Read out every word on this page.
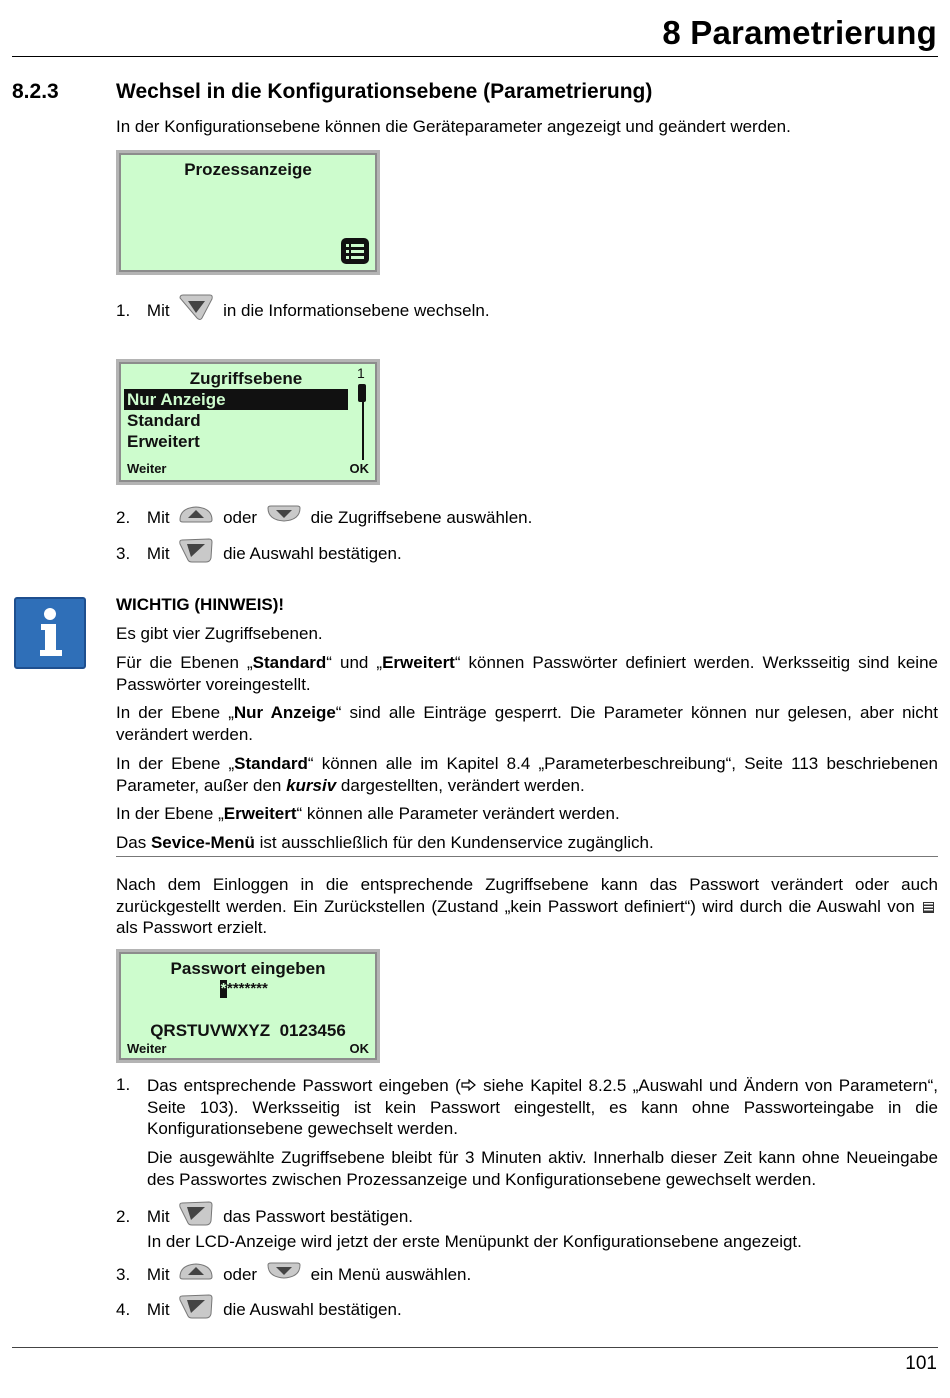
8 Parametrierung
8.2.3	Wechsel in die Konfigurationsebene (Parametrierung)
In der Konfigurationsebene können die Geräteparameter angezeigt und geändert werden.
Prozessanzeige
1. Mit	in die Informationsebene wechseln.
Zugriffsebene	1
Nur Anzeige
Standard
Erweitert
Weiter	OK
2. Mit	oder	die Zugriffsebene auswählen.
3. Mit	die Auswahl bestätigen.
WICHTIG (HINWEIS)!
Es gibt vier Zugriffsebenen.
Für die Ebenen „Standard“ und „Erweitert“ können Passwörter definiert werden. Werksseitig sind keine Passwörter voreingestellt.
In der Ebene „Nur Anzeige“ sind alle Einträge gesperrt. Die Parameter können nur gelesen, aber nicht verändert werden.
In der Ebene „Standard“ können alle im Kapitel 8.4 „Parameterbeschreibung“, Seite 113 beschriebenen Parameter, außer den kursiv dargestellten, verändert werden.
In der Ebene „Erweitert“ können alle Parameter verändert werden.
Das Sevice-Menü ist ausschließlich für den Kundenservice zugänglich.
Nach dem Einloggen in die entsprechende Zugriffsebene kann das Passwort verändert oder auch zurückgestellt werden. Ein Zurückstellen (Zustand „kein Passwort definiert“) wird durch die Auswahl von als Passwort erzielt.
Passwort eingeben
********
QRSTUVWXYZ  0123456
Weiter	OK
1. Das entsprechende Passwort eingeben ( siehe Kapitel 8.2.5 „Auswahl und Ändern von Parametern“, Seite 103). Werksseitig ist kein Passwort eingestellt, es kann ohne Passworteingabe in die Konfigurationsebene gewechselt werden.
Die ausgewählte Zugriffsebene bleibt für 3 Minuten aktiv. Innerhalb dieser Zeit kann ohne Neueingabe des Passwortes zwischen Prozessanzeige und Konfigurationsebene gewechselt werden.
2. Mit	das Passwort bestätigen.
In der LCD-Anzeige wird jetzt der erste Menüpunkt der Konfigurationsebene angezeigt.
3. Mit	oder	ein Menü auswählen.
4. Mit	die Auswahl bestätigen.
101
